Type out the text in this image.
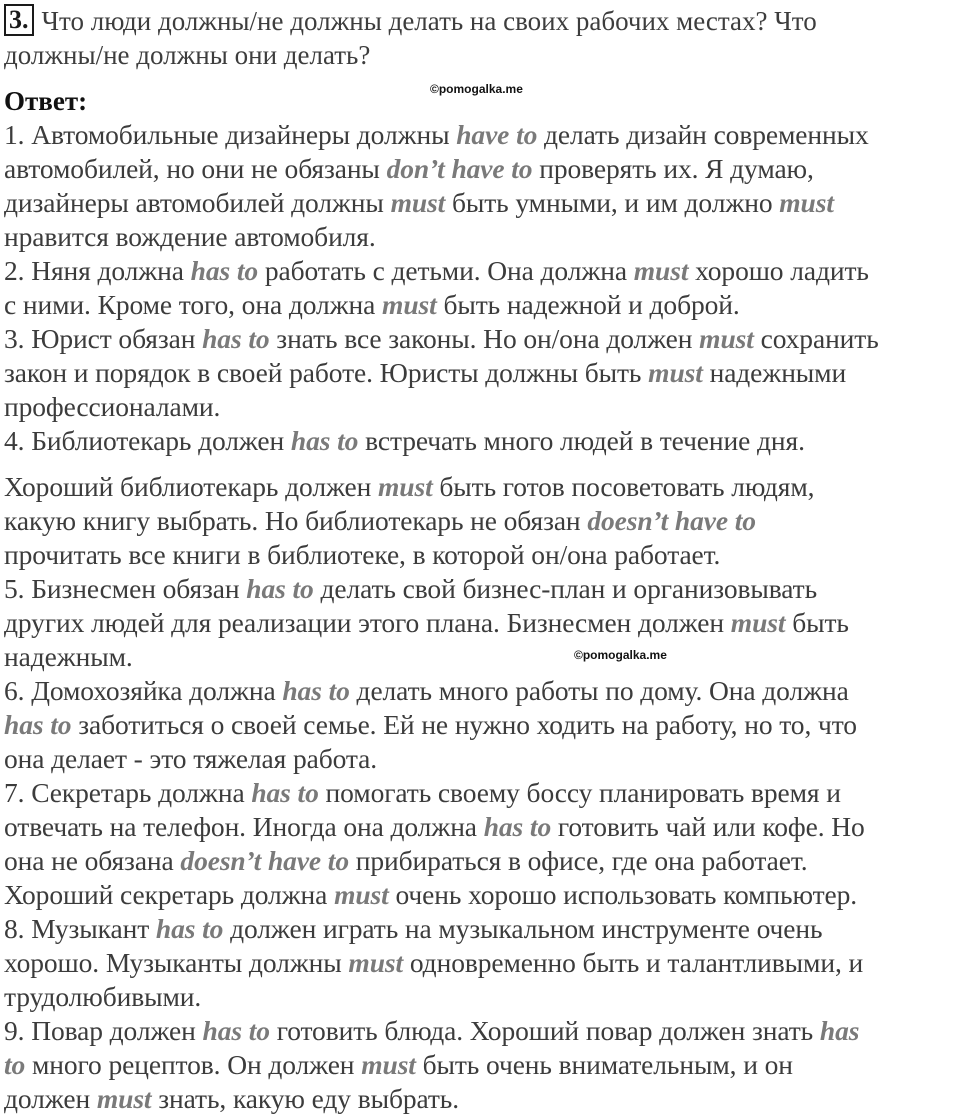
3. Что люди должны/не должны делать на своих рабочих местах? Что
должны/не должны они делать?
Ответ:	©pomogalka.me
©pomogalka.me
1. Автомобильные дизайнеры должны have to делать дизайн современных
автомобилей, но они не обязаны don’t have to проверять их. Я думаю,
дизайнеры автомобилей должны must быть умными, и им должно must
нравится вождение автомобиля.
2. Няня должна has to работать с детьми. Она должна must хорошо ладить
с ними. Кроме того, она должна must быть надежной и доброй.
3. Юрист обязан has to знать все законы. Но он/она должен must сохранить
закон и порядок в своей работе. Юристы должны быть must надежными
профессионалами.
4. Библиотекарь должен has to встречать много людей в течение дня.
Хороший библиотекарь должен must быть готов посоветовать людям,
какую книгу выбрать. Но библиотекарь не обязан doesn’t have to
прочитать все книги в библиотеке, в которой он/она работает.
5. Бизнесмен обязан has to делать свой бизнес-план и организовывать
других людей для реализации этого плана. Бизнесмен должен must быть
надежным.
6. Домохозяйка должна has to делать много работы по дому. Она должна
has to заботиться о своей семье. Ей не нужно ходить на работу, но то, что
она делает - это тяжелая работа.
7. Секретарь должна has to помогать своему боссу планировать время и
отвечать на телефон. Иногда она должна has to готовить чай или кофе. Но
она не обязана doesn’t have to прибираться в офисе, где она работает.
Хороший секретарь должна must очень хорошо использовать компьютер.
8. Музыкант has to должен играть на музыкальном инструменте очень
хорошо. Музыканты должны must одновременно быть и талантливыми, и
трудолюбивыми.
9. Повар должен has to готовить блюда. Хороший повар должен знать has
to много рецептов. Он должен must быть очень внимательным, и он
должен must знать, какую еду выбрать.
